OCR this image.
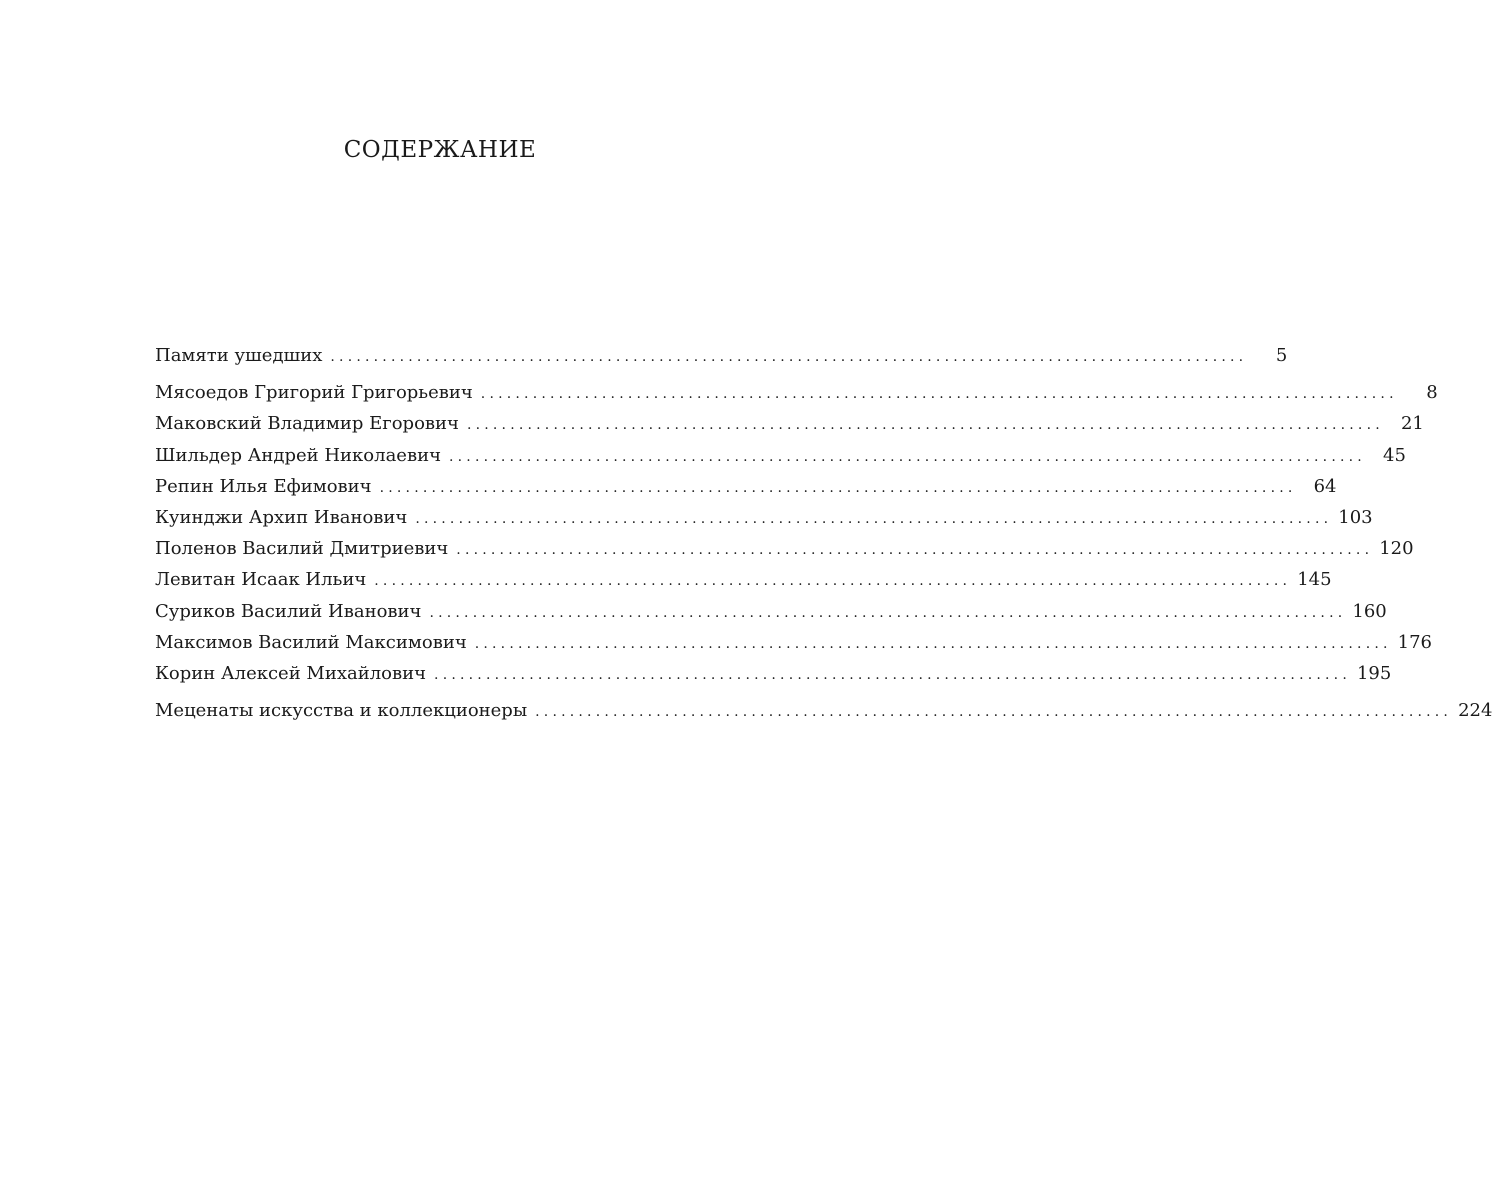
СОДЕРЖАНИЕ
Памяти ушедших ..........................................................................................................	5
Мясоедов Григорий Григорьевич ..........................................................................................................	8
Маковский Владимир Егорович .......................................................................................................... 21
Шильдер Андрей Николаевич .......................................................................................................... 45
Репин Илья Ефимович .......................................................................................................... 64
Куинджи Архип Иванович .......................................................................................................... 103
Поленов Василий Дмитриевич .......................................................................................................... 120
Левитан Исаак Ильич .......................................................................................................... 145
Суриков Василий Иванович .......................................................................................................... 160
Максимов Василий Максимович .......................................................................................................... 176
Корин Алексей Михайлович .......................................................................................................... 195
Меценаты искусства и коллекционеры .......................................................................................................... 224
